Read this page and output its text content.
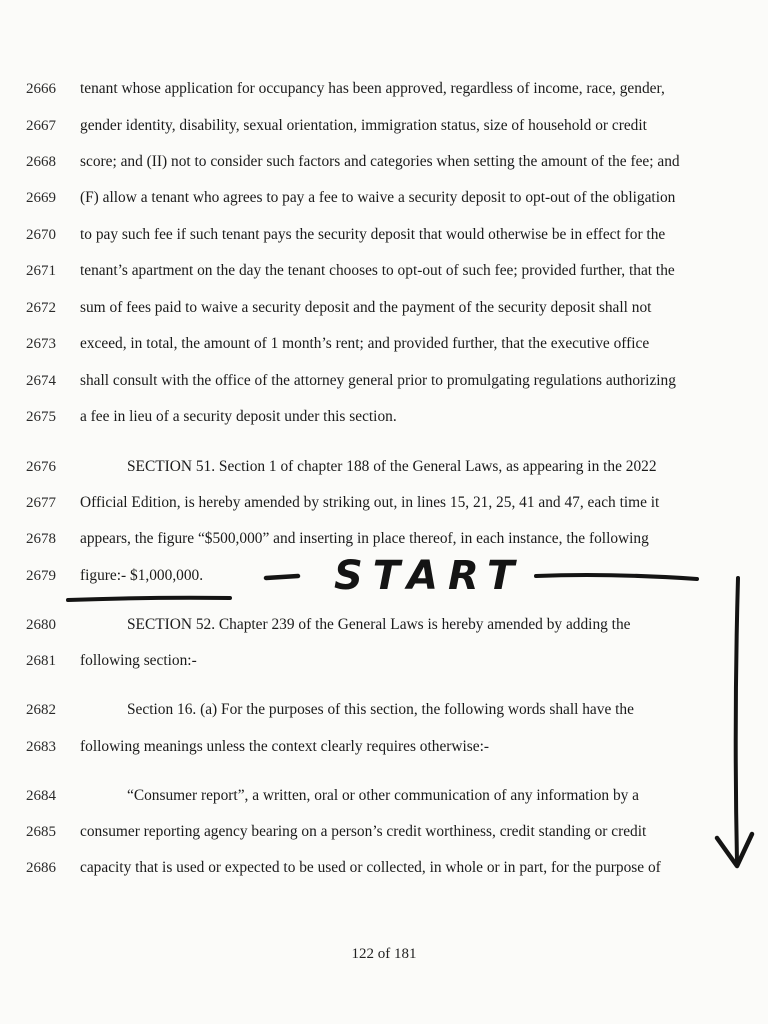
2666 tenant whose application for occupancy has been approved, regardless of income, race, gender,
2667 gender identity, disability, sexual orientation, immigration status, size of household or credit
2668 score; and (II) not to consider such factors and categories when setting the amount of the fee; and
2669 (F) allow a tenant who agrees to pay a fee to waive a security deposit to opt-out of the obligation
2670 to pay such fee if such tenant pays the security deposit that would otherwise be in effect for the
2671 tenant’s apartment on the day the tenant chooses to opt-out of such fee; provided further, that the
2672 sum of fees paid to waive a security deposit and the payment of the security deposit shall not
2673 exceed, in total, the amount of 1 month’s rent; and provided further, that the executive office
2674 shall consult with the office of the attorney general prior to promulgating regulations authorizing
2675 a fee in lieu of a security deposit under this section.
2676	SECTION 51. Section 1 of chapter 188 of the General Laws, as appearing in the 2022
2677 Official Edition, is hereby amended by striking out, in lines 15, 21, 25, 41 and 47, each time it
2678 appears, the figure “$500,000” and inserting in place thereof, in each instance, the following
2679 figure:- $1,000,000.
2680	SECTION 52. Chapter 239 of the General Laws is hereby amended by adding the
2681 following section:-
2682	Section 16. (a) For the purposes of this section, the following words shall have the
2683 following meanings unless the context clearly requires otherwise:-
2684	“Consumer report”, a written, oral or other communication of any information by a
2685 consumer reporting agency bearing on a person’s credit worthiness, credit standing or credit
2686 capacity that is used or expected to be used or collected, in whole or in part, for the purpose of
122 of 181
START
